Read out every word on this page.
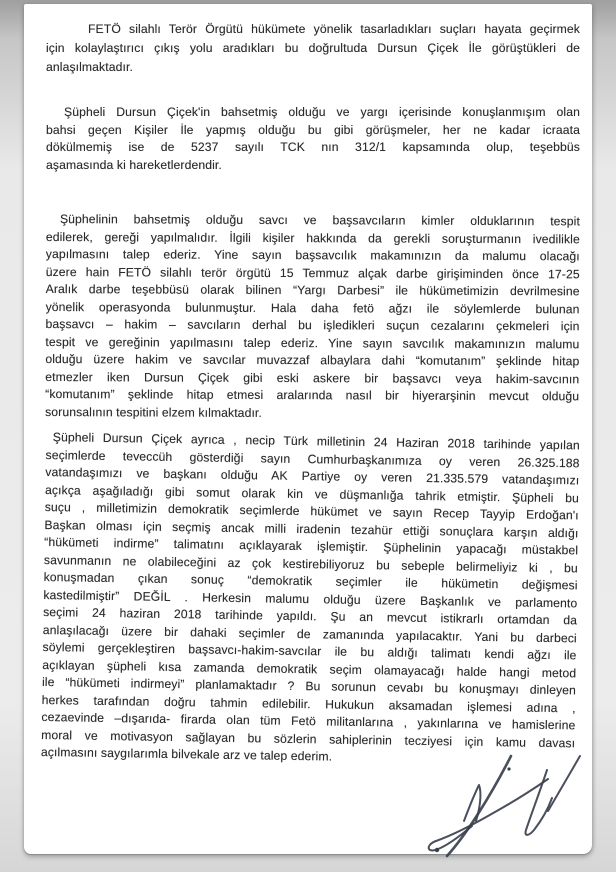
FETÖ silahlı Terör Örgütü hükümete yönelik tasarladıkları suçları hayata geçirmek
için kolaylaştırıcı çıkış yolu aradıkları bu doğrultuda Dursun Çiçek İle görüştükleri de
anlaşılmaktadır.
Şüpheli Dursun Çiçek'in bahsetmiş olduğu ve yargı içerisinde konuşlanmışım olan
bahsi geçen Kişiler İle yapmış olduğu bu gibi görüşmeler, her ne kadar icraata
dökülmemiş ise de 5237 sayılı TCK nın 312/1 kapsamında olup, teşebbüs
aşamasında ki hareketlerdendir.
Şüphelinin bahsetmiş olduğu savcı ve başsavcıların kimler olduklarının tespit
edilerek, gereği yapılmalıdır. İlgili kişiler hakkında da gerekli soruşturmanın ivedilikle
yapılmasını talep ederiz. Yine sayın başsavcılık makamınızın da malumu olacağı
üzere hain FETÖ silahlı terör örgütü 15 Temmuz alçak darbe girişiminden önce 17-25
Aralık darbe teşebbüsü olarak bilinen “Yargı Darbesi” ile hükümetimizin devrilmesine
yönelik operasyonda bulunmuştur. Hala daha fetö ağzı ile söylemlerde bulunan
başsavcı – hakim – savcıların derhal bu işledikleri suçun cezalarını çekmeleri için
tespit ve gereğinin yapılmasını talep ederiz. Yine sayın savcılık makamınızın malumu
olduğu üzere hakim ve savcılar muvazzaf albaylara dahi “komutanım” şeklinde hitap
etmezler iken Dursun Çiçek gibi eski askere bir başsavcı veya hakim-savcının
“komutanım” şeklinde hitap etmesi aralarında nasıl bir hiyerarşinin mevcut olduğu
sorunsalının tespitini elzem kılmaktadır.
Şüpheli Dursun Çiçek ayrıca , necip Türk milletinin 24 Haziran 2018 tarihinde yapılan
seçimlerde teveccüh gösterdiği sayın Cumhurbaşkanımıza oy veren 26.325.188
vatandaşımızı ve başkanı olduğu AK Partiye oy veren 21.335.579 vatandaşımızı
açıkça aşağıladığı gibi somut olarak kin ve düşmanlığa tahrik etmiştir. Şüpheli bu
suçu , milletimizin demokratik seçimlerde hükümet ve sayın Recep Tayyip Erdoğan'ı
Başkan olması için seçmiş ancak milli iradenin tezahür ettiği sonuçlara karşın aldığı
“hükümeti indirme” talimatını açıklayarak işlemiştir. Şüphelinin yapacağı müstakbel
savunmanın ne olabileceğini az çok kestirebiliyoruz bu sebeple belirmeliyiz ki , bu
konuşmadan çıkan sonuç “demokratik seçimler ile hükümetin değişmesi
kastedilmiştir” DEĞİL . Herkesin malumu olduğu üzere Başkanlık ve parlamento
seçimi 24 haziran 2018 tarihinde yapıldı. Şu an mevcut istikrarlı ortamdan da
anlaşılacağı üzere bir dahaki seçimler de zamanında yapılacaktır. Yani bu darbeci
söylemi gerçekleştiren başsavcı-hakim-savcılar ile bu aldığı talimatı kendi ağzı ile
açıklayan şüpheli kısa zamanda demokratik seçim olamayacağı halde hangi metod
ile “hükümeti indirmeyi” planlamaktadır ? Bu sorunun cevabı bu konuşmayı dinleyen
herkes tarafından doğru tahmin edilebilir. Hukukun aksamadan işlemesi adına ,
cezaevinde –dışarıda- firarda olan tüm Fetö militanlarına , yakınlarına ve hamislerine
moral ve motivasyon sağlayan bu sözlerin sahiplerinin tecziyesi için kamu davası
açılmasını saygılarımla bilvekale arz ve talep ederim.
